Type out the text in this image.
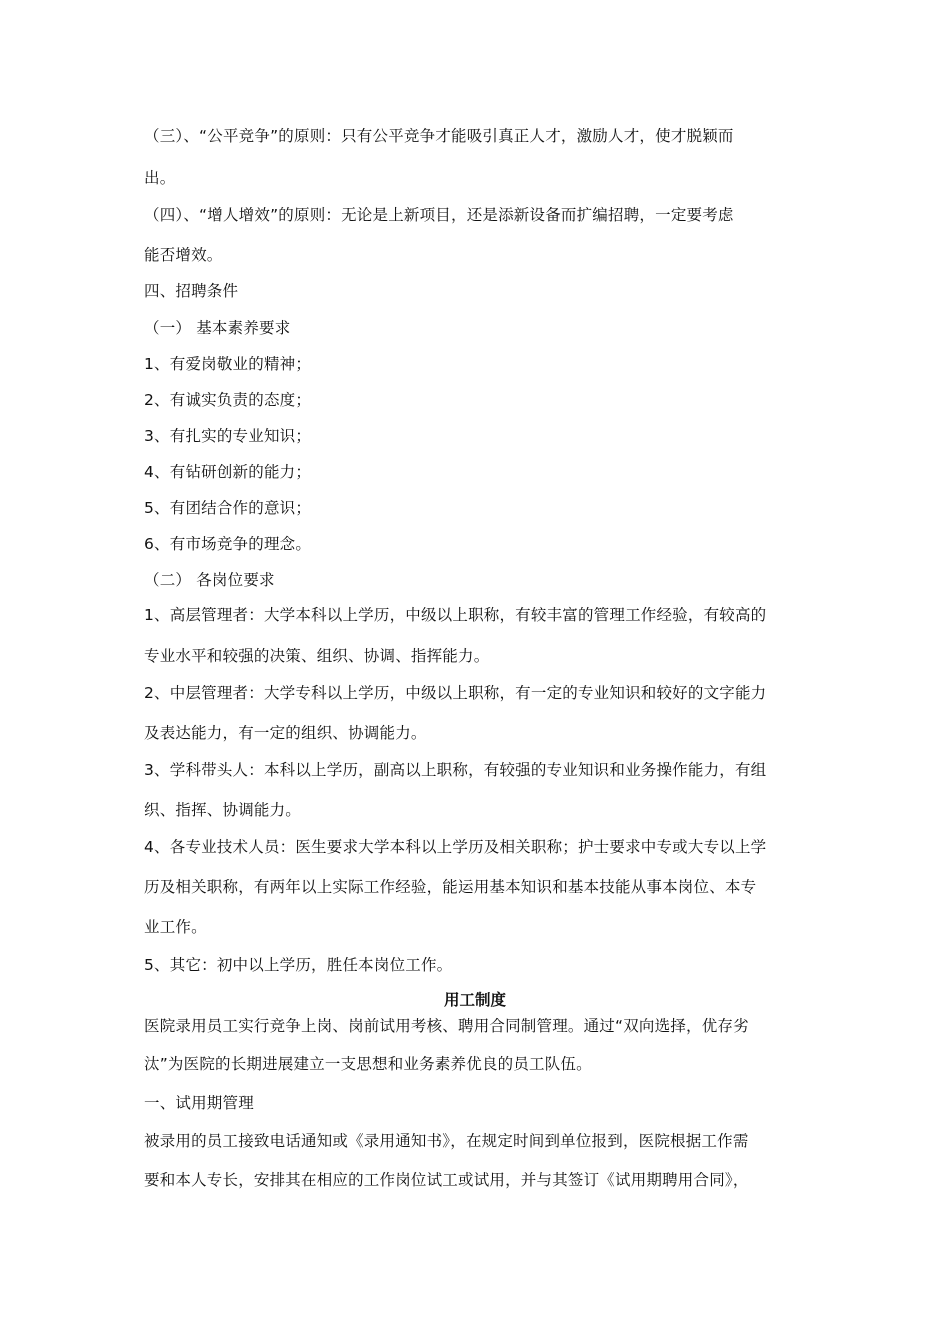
（三）、“公平竞争”的原则：只有公平竞争才能吸引真正人才，激励人才，使才脱颖而
出。
（四）、“增人增效”的原则：无论是上新项目，还是添新设备而扩编招聘，一定要考虑
能否增效。
四、招聘条件
（一） 基本素养要求
1、有爱岗敬业的精神；
2、有诚实负责的态度；
3、有扎实的专业知识；
4、有钻研创新的能力；
5、有团结合作的意识；
6、有市场竞争的理念。
（二） 各岗位要求
1、高层管理者：大学本科以上学历，中级以上职称，有较丰富的管理工作经验，有较高的
专业水平和较强的决策、组织、协调、指挥能力。
2、中层管理者：大学专科以上学历，中级以上职称，有一定的专业知识和较好的文字能力
及表达能力，有一定的组织、协调能力。
3、学科带头人：本科以上学历，副高以上职称，有较强的专业知识和业务操作能力，有组
织、指挥、协调能力。
4、各专业技术人员：医生要求大学本科以上学历及相关职称；护士要求中专或大专以上学
历及相关职称，有两年以上实际工作经验，能运用基本知识和基本技能从事本岗位、本专
业工作。
5、其它：初中以上学历，胜任本岗位工作。
用工制度
医院录用员工实行竞争上岗、岗前试用考核、聘用合同制管理。通过“双向选择，优存劣
汰”为医院的长期进展建立一支思想和业务素养优良的员工队伍。
一、试用期管理
被录用的员工接致电话通知或《录用通知书》，在规定时间到单位报到，医院根据工作需
要和本人专长，安排其在相应的工作岗位试工或试用，并与其签订《试用期聘用合同》，
